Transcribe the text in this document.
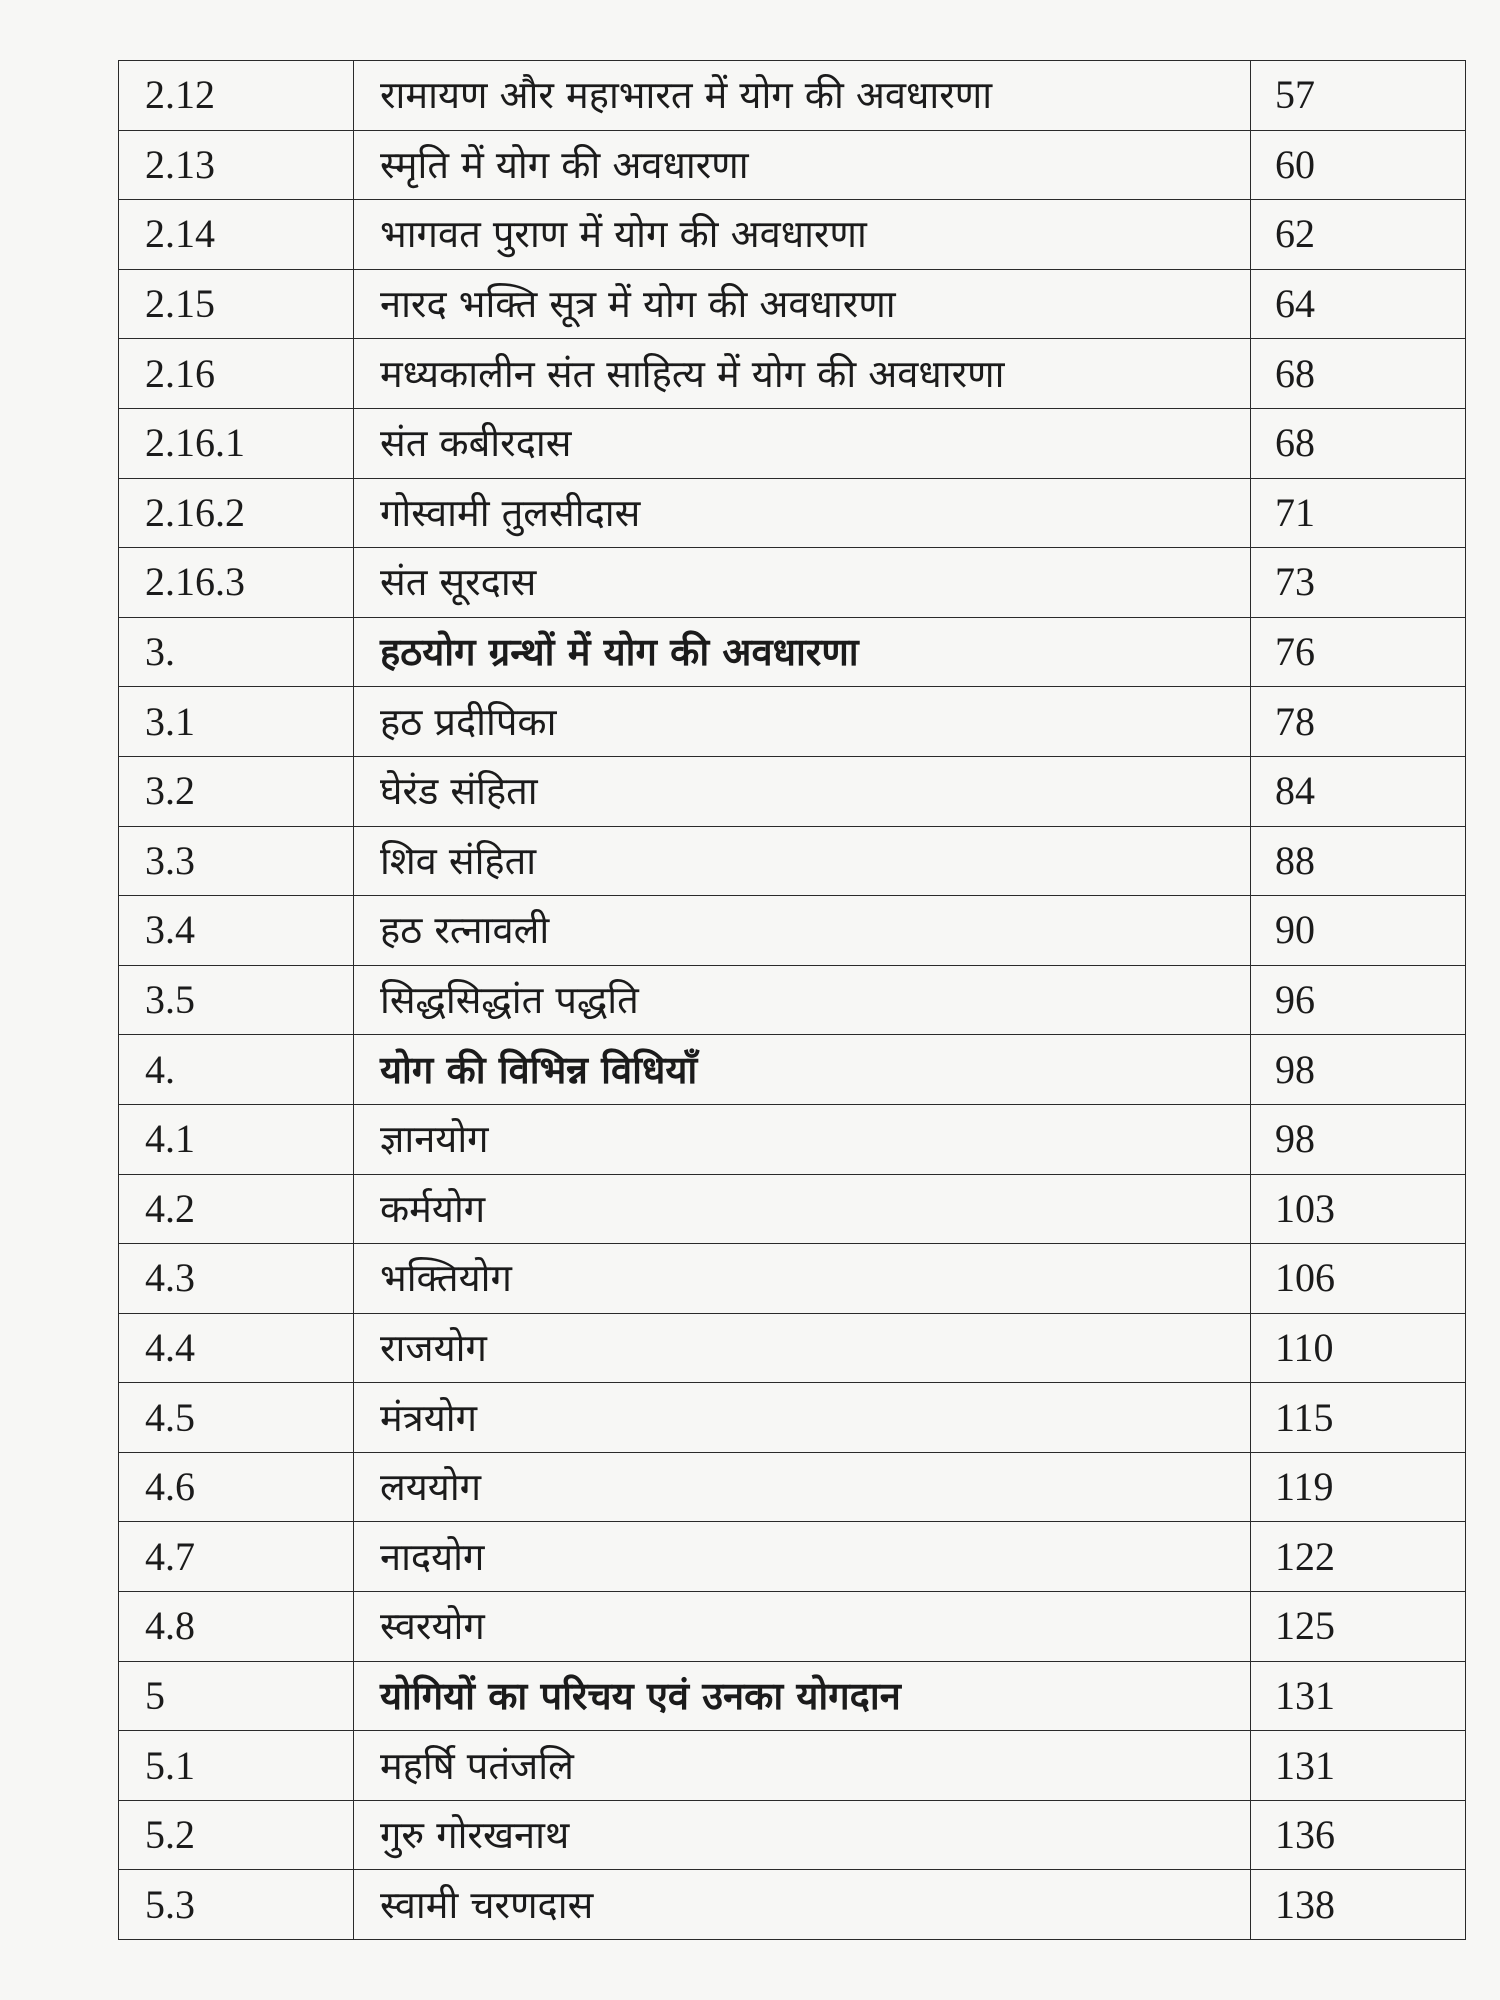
2.12	रामायण और महाभारत में योग की अवधारणा	57
2.13	स्मृति में योग की अवधारणा	60
2.14	भागवत पुराण में योग की अवधारणा	62
2.15	नारद भक्ति सूत्र में योग की अवधारणा	64
2.16	मध्यकालीन संत साहित्य में योग की अवधारणा	68
2.16.1	संत कबीरदास	68
2.16.2	गोस्वामी तुलसीदास	71
2.16.3	संत सूरदास	73
3.	हठयोग ग्रन्थों में योग की अवधारणा	76
3.1	हठ प्रदीपिका	78
3.2	घेरंड संहिता	84
3.3	शिव संहिता	88
3.4	हठ रत्नावली	90
3.5	सिद्धसिद्धांत पद्धति	96
4.	योग की विभिन्न विधियाँ	98
4.1	ज्ञानयोग	98
4.2	कर्मयोग	103
4.3	भक्तियोग	106
4.4	राजयोग	110
4.5	मंत्रयोग	115
4.6	लययोग	119
4.7	नादयोग	122
4.8	स्वरयोग	125
5	योगियों का परिचय एवं उनका योगदान	131
5.1	महर्षि पतंजलि	131
5.2	गुरु गोरखनाथ	136
5.3	स्वामी चरणदास	138
